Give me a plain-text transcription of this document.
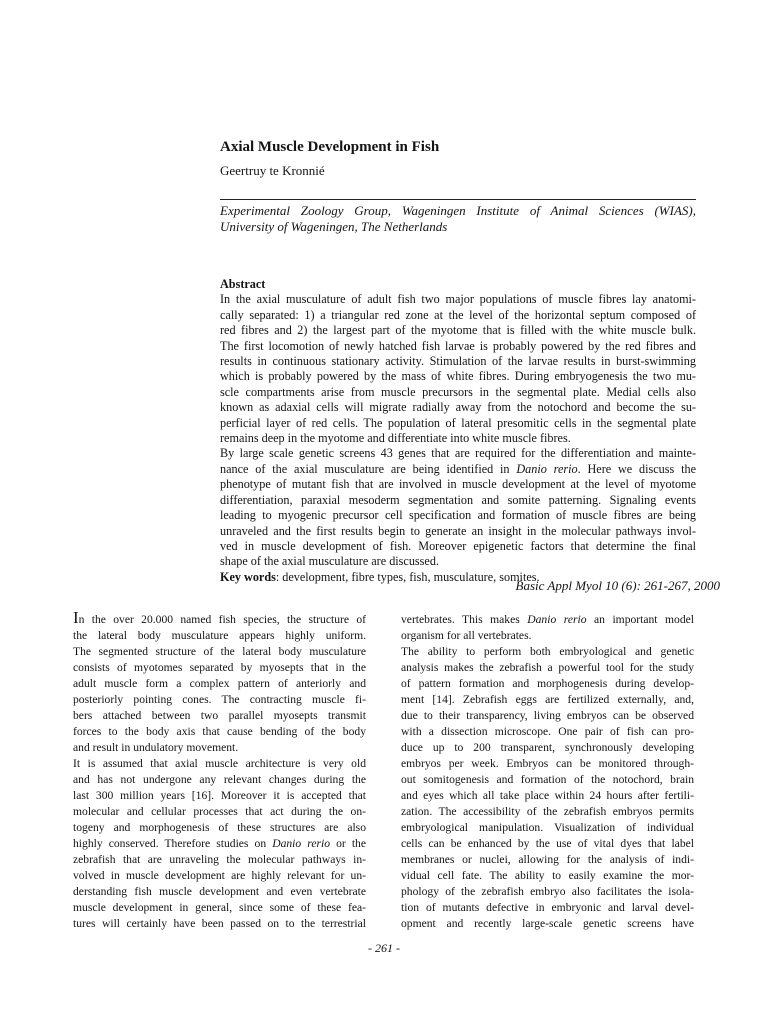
Axial Muscle Development in Fish
Geertruy te Kronnié
Experimental Zoology Group, Wageningen Institute of Animal Sciences (WIAS),
University of Wageningen, The Netherlands
Abstract
In the axial musculature of adult fish two major populations of muscle fibres lay anatomi-
cally separated: 1) a triangular red zone at the level of the horizontal septum composed of
red fibres and 2) the largest part of the myotome that is filled with the white muscle bulk.
The first locomotion of newly hatched fish larvae is probably powered by the red fibres and
results in continuous stationary activity. Stimulation of the larvae results in burst-swimming
which is probably powered by the mass of white fibres. During embryogenesis the two mu-
scle compartments arise from muscle precursors in the segmental plate. Medial cells also
known as adaxial cells will migrate radially away from the notochord and become the su-
perficial layer of red cells. The population of lateral presomitic cells in the segmental plate
remains deep in the myotome and differentiate into white muscle fibres.
By large scale genetic screens 43 genes that are required for the differentiation and mainte-
nance of the axial musculature are being identified in Danio rerio. Here we discuss the
phenotype of mutant fish that are involved in muscle development at the level of myotome
differentiation, paraxial mesoderm segmentation and somite patterning. Signaling events
leading to myogenic precursor cell specification and formation of muscle fibres are being
unraveled and the first results begin to generate an insight in the molecular pathways invol-
ved in muscle development of fish. Moreover epigenetic factors that determine the final
shape of the axial musculature are discussed.
Key words: development, fibre types, fish, musculature, somites.
Basic Appl Myol 10 (6): 261-267, 2000
In the over 20.000 named fish species, the structure of
the lateral body musculature appears highly uniform.
The segmented structure of the lateral body musculature
consists of myotomes separated by myosepts that in the
adult muscle form a complex pattern of anteriorly and
posteriorly pointing cones. The contracting muscle fi-
bers attached between two parallel myosepts transmit
forces to the body axis that cause bending of the body
and result in undulatory movement.
It is assumed that axial muscle architecture is very old
and has not undergone any relevant changes during the
last 300 million years [16]. Moreover it is accepted that
molecular and cellular processes that act during the on-
togeny and morphogenesis of these structures are also
highly conserved. Therefore studies on Danio rerio or the
zebrafish that are unraveling the molecular pathways in-
volved in muscle development are highly relevant for un-
derstanding fish muscle development and even vertebrate
muscle development in general, since some of these fea-
tures will certainly have been passed on to the terrestrial
vertebrates. This makes Danio rerio an important model
organism for all vertebrates.
The ability to perform both embryological and genetic
analysis makes the zebrafish a powerful tool for the study
of pattern formation and morphogenesis during develop-
ment [14]. Zebrafish eggs are fertilized externally, and,
due to their transparency, living embryos can be observed
with a dissection microscope. One pair of fish can pro-
duce up to 200 transparent, synchronously developing
embryos per week. Embryos can be monitored through-
out somitogenesis and formation of the notochord, brain
and eyes which all take place within 24 hours after fertili-
zation. The accessibility of the zebrafish embryos permits
embryological manipulation. Visualization of individual
cells can be enhanced by the use of vital dyes that label
membranes or nuclei, allowing for the analysis of indi-
vidual cell fate. The ability to easily examine the mor-
phology of the zebrafish embryo also facilitates the isola-
tion of mutants defective in embryonic and larval devel-
opment and recently large-scale genetic screens have
- 261 -
